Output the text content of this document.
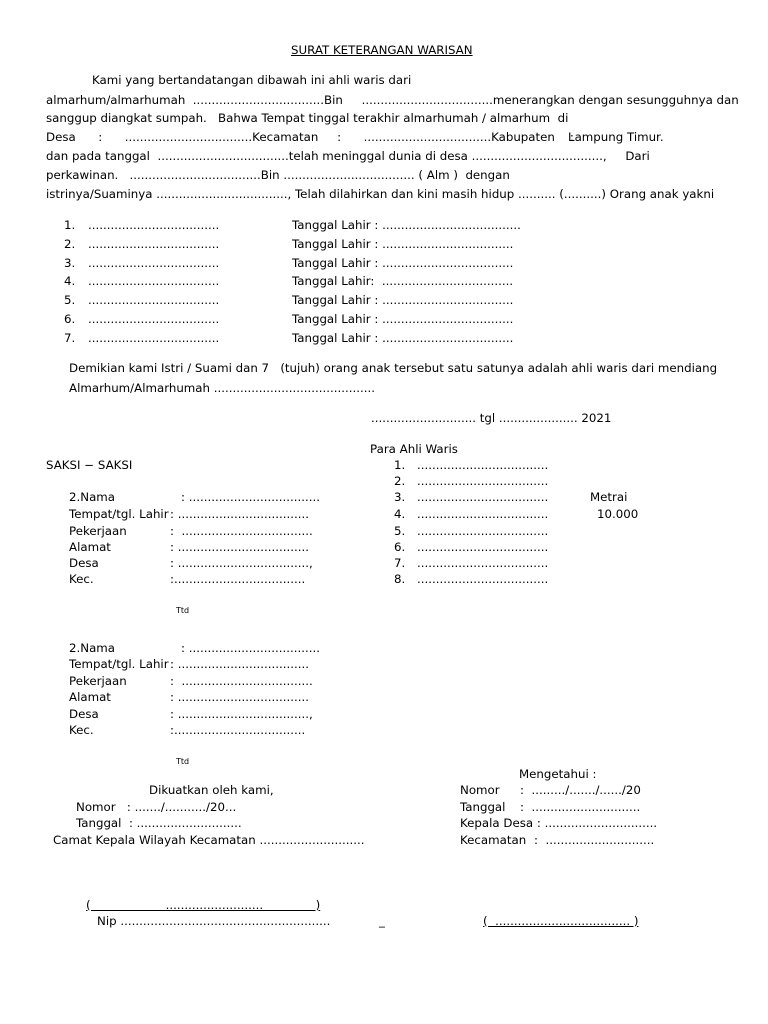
SURAT KETERANGAN WARISAN
Kami yang bertandatangan dibawah ini ahli waris dari
almarhum/almarhumah  ...................................Bin     ...................................menerangkan dengan sesungguhnya dan
sanggup diangkat sumpah.   Bahwa Tempat tinggal terakhir almarhumah / almarhum  di
Desa      :      ..................................Kecamatan     :      ..................................Kabupaten    :
Lampung Timur.
dan pada tanggal  ...................................telah meninggal dunia di desa ...................................,     Dari
perkawinan.   ...................................Bin ................................... ( Alm )  dengan
istrinya/Suaminya ..................................., Telah dilahirkan dan kini masih hidup .......... (..........) Orang anak yakni
1. ...................................	Tanggal Lahir : .....................................
2. ...................................	Tanggal Lahir : ...................................
3. ...................................	Tanggal Lahir : ...................................
4. ...................................	Tanggal Lahir:  ...................................
5. ...................................	Tanggal Lahir : ...................................
6. ...................................	Tanggal Lahir : ...................................
7. ...................................	Tanggal Lahir : ...................................
Demikian kami Istri / Suami dan 7   (tujuh) orang anak tersebut satu satunya adalah ahli waris dari mendiang
Almarhum/Almarhumah ...........................................
............................ tgl ..................... 2021
Para Ahli Waris
SAKSI − SAKSI	1. ...................................
2. ...................................
3. ...................................
4. ...................................
5. ...................................
6. ...................................
7. ...................................
8. ...................................
Metrai
10.000
2.Nama	: ...................................
Tempat/tgl. Lahir : ...................................
Pekerjaan	:  ...................................
Alamat	: ...................................
Desa	: ...................................,
Kec.	:...................................
Ttd
2.Nama	: ...................................
Tempat/tgl. Lahir : ...................................
Pekerjaan	:  ...................................
Alamat	: ...................................
Desa	: ...................................,
Kec.	:...................................
Ttd
Mengetahui :
Nomor :  ........./......./....../20
Tanggal :  .............................
Kepala Desa : ..............................
Kecamatan :  .............................
Dikuatkan oleh kami,
Nomor   : ......./.........../20...
Tanggal  : ............................
Camat Kepala Wilayah Kecamatan ............................
(                    ..........................              )
Nip ........................................................	_	(  .................................... )
